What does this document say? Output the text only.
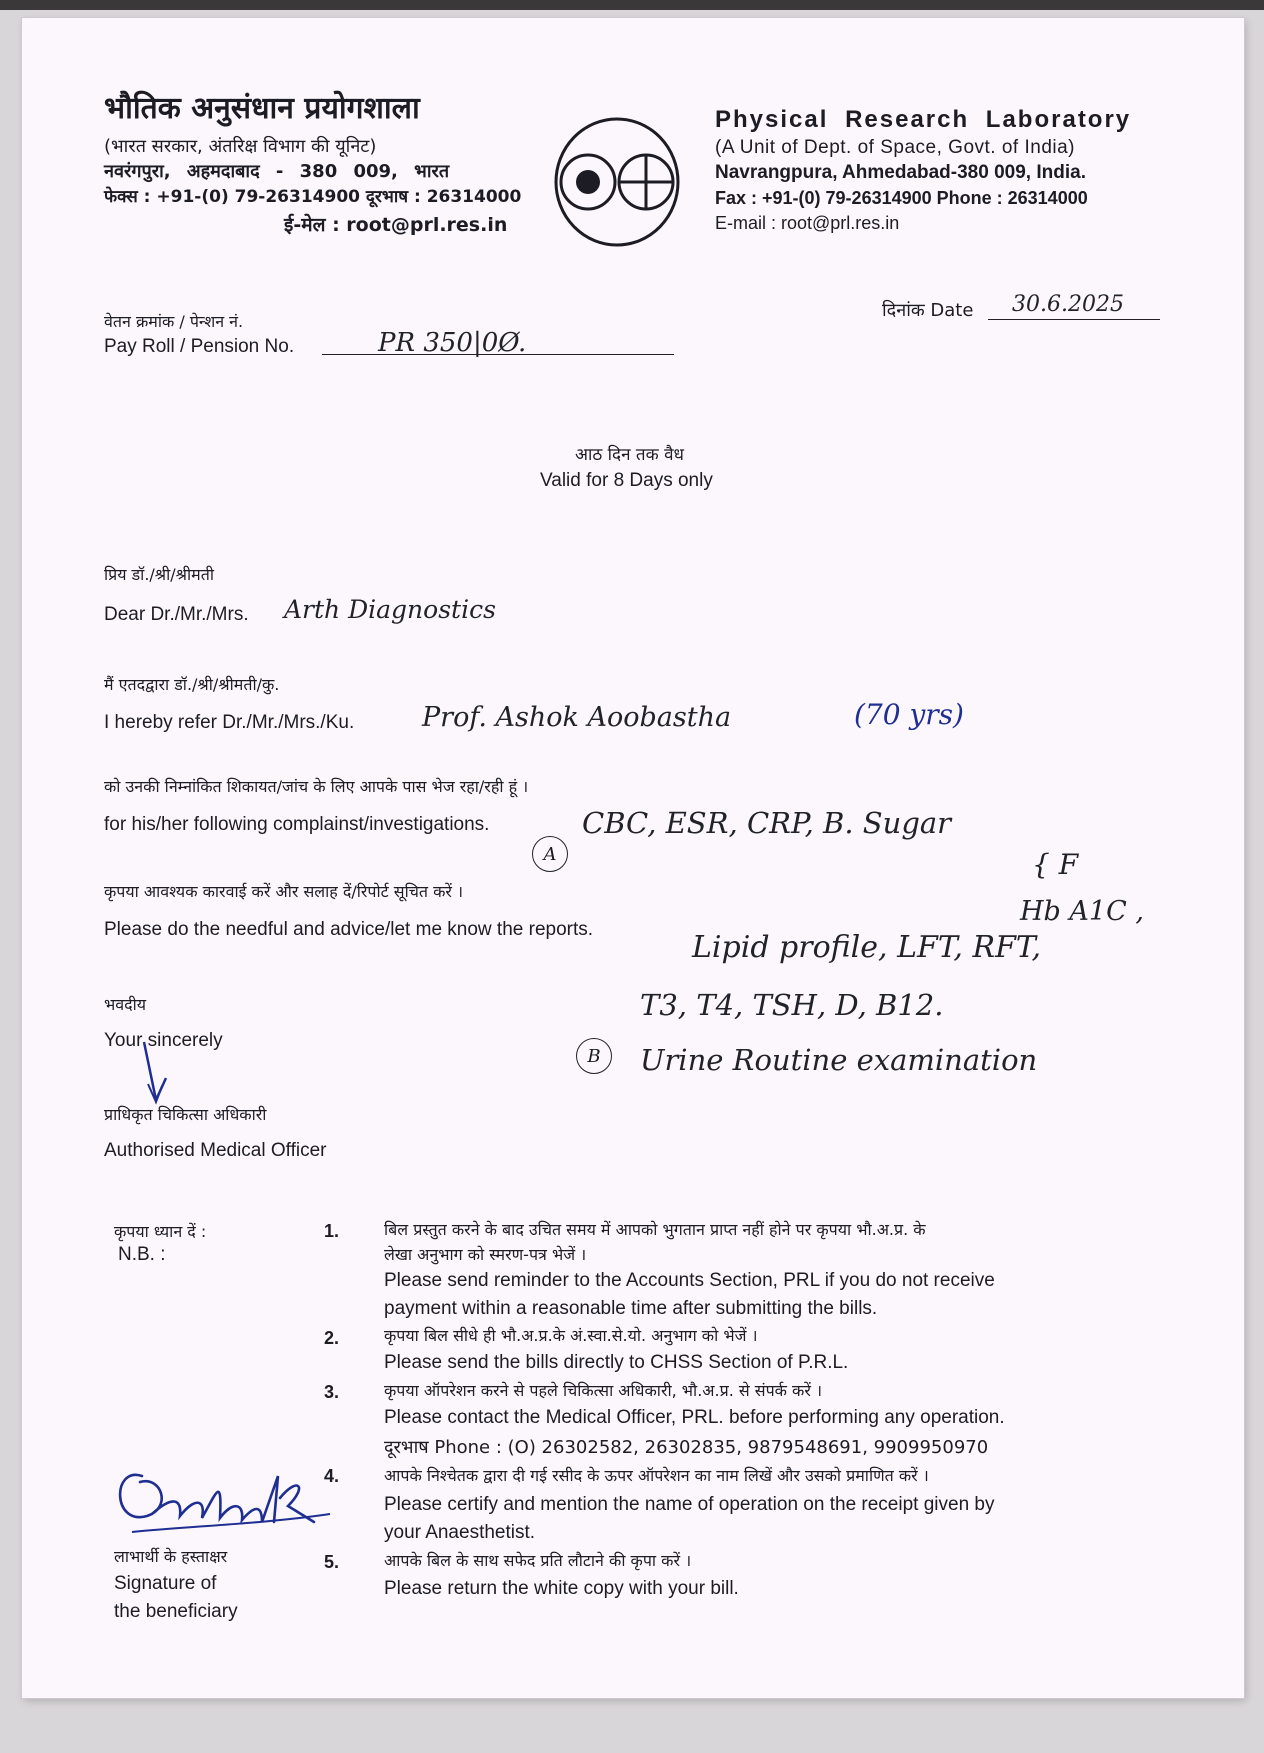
भौतिक अनुसंधान प्रयोगशाला
(भारत सरकार, अंतरिक्ष विभाग की यूनिट)
नवरंगपुरा, अहमदाबाद - 380 009, भारत
फेक्स : +91-(0) 79-26314900 दूरभाष : 26314000
ई-मेल : root@prl.res.in
Physical Research Laboratory
(A Unit of Dept. of Space, Govt. of India)
Navrangpura, Ahmedabad-380 009, India.
Fax : +91-(0) 79-26314900 Phone : 26314000
E-mail : root@prl.res.in
वेतन क्रमांक / पेन्शन नं.
Pay Roll / Pension No.	PR 350|0Ø.
दिनांक Date 30.6.2025
आठ दिन तक वैध
Valid for 8 Days only
प्रिय डॉ./श्री/श्रीमती
Dear Dr./Mr./Mrs. Arth Diagnostics
मैं एतदद्वारा डॉ./श्री/श्रीमती/कु.
I hereby refer Dr./Mr./Mrs./Ku.	Prof. Ashok Aoobastha	(70 yrs)
को उनकी निम्नांकित शिकायत/जांच के लिए आपके पास भेज रहा/रही हूं ।
for his/her following complainst/investigations.
A
CBC, ESR, CRP, B. Sugar
{ F
Hb A1C ,
कृपया आवश्यक कारवाई करें और सलाह दें/रिपोर्ट सूचित करें ।
Please do the needful and advice/let me know the reports.
Lipid profile, LFT, RFT,
T3, T4, TSH, D, B12.
B	Urine Routine examination
भवदीय
Your sincerely
प्राधिकृत चिकित्सा अधिकारी
Authorised Medical Officer
कृपया ध्यान दें :
N.B. :
1.	बिल प्रस्तुत करने के बाद उचित समय में आपको भुगतान प्राप्त नहीं होने पर कृपया भौ.अ.प्र. के
लेखा अनुभाग को स्मरण-पत्र भेजें ।
Please send reminder to the Accounts Section, PRL if you do not receive
payment within a reasonable time after submitting the bills.
2.	कृपया बिल सीधे ही भौ.अ.प्र.के अं.स्वा.से.यो. अनुभाग को भेजें ।
Please send the bills directly to CHSS Section of P.R.L.
3.	कृपया ऑपरेशन करने से पहले चिकित्सा अधिकारी, भौ.अ.प्र. से संपर्क करें ।
Please contact the Medical Officer, PRL. before performing any operation.
दूरभाष Phone : (O) 26302582, 26302835, 9879548691, 9909950970
4.	आपके निश्चेतक द्वारा दी गई रसीद के ऊपर ऑपरेशन का नाम लिखें और उसको प्रमाणित करें ।
Please certify and mention the name of operation on the receipt given by
your Anaesthetist.
5.	आपके बिल के साथ सफेद प्रति लौटाने की कृपा करें ।
Please return the white copy with your bill.
लाभार्थी के हस्ताक्षर
Signature of
the beneficiary
